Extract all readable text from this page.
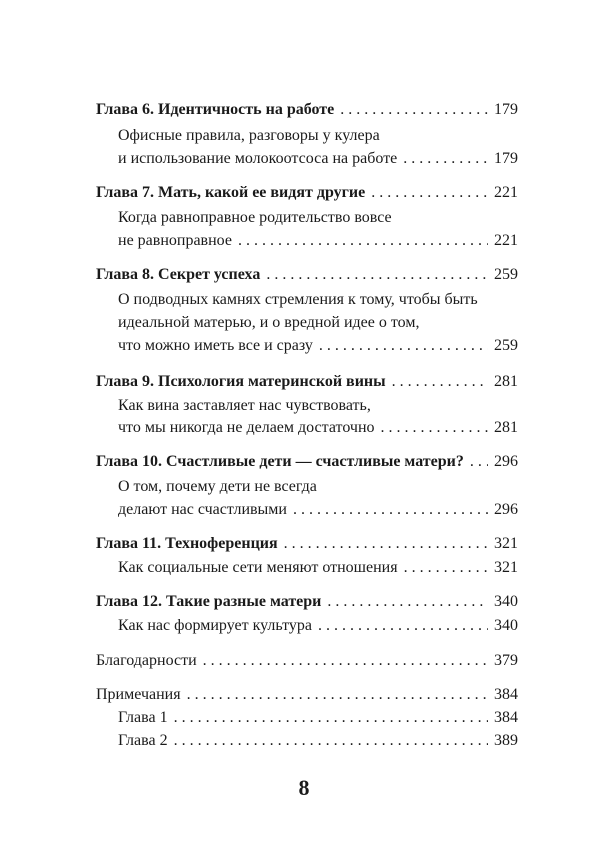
Глава 6. Идентичность на работе . . .	179
Офисные правила, разговоры у кулера
и использование молокоотсоса на работе . . .	179
Глава 7. Мать, какой ее видят другие . . .	221
Когда равноправное родительство вовсе
не равноправное . . .	221
Глава 8. Секрет успеха . . .	259
О подводных камнях стремления к тому, чтобы быть
идеальной матерью, и о вредной идее о том,
что можно иметь все и сразу . . .	259
Глава 9. Психология материнской вины . . .	281
Как вина заставляет нас чувствовать,
что мы никогда не делаем достаточно . . .	281
Глава 10. Счастливые дети — счастливые матери? . . . 296
О том, почему дети не всегда
делают нас счастливыми . . .	296
Глава 11. Техноференция . . .	321
Как социальные сети меняют отношения . . .	321
Глава 12. Такие разные матери . . .	340
Как нас формирует культура . . .	340
Благодарности . . .	379
Примечания . . .	384
Глава 1 . . .	384
Глава 2 . . .	389
8
